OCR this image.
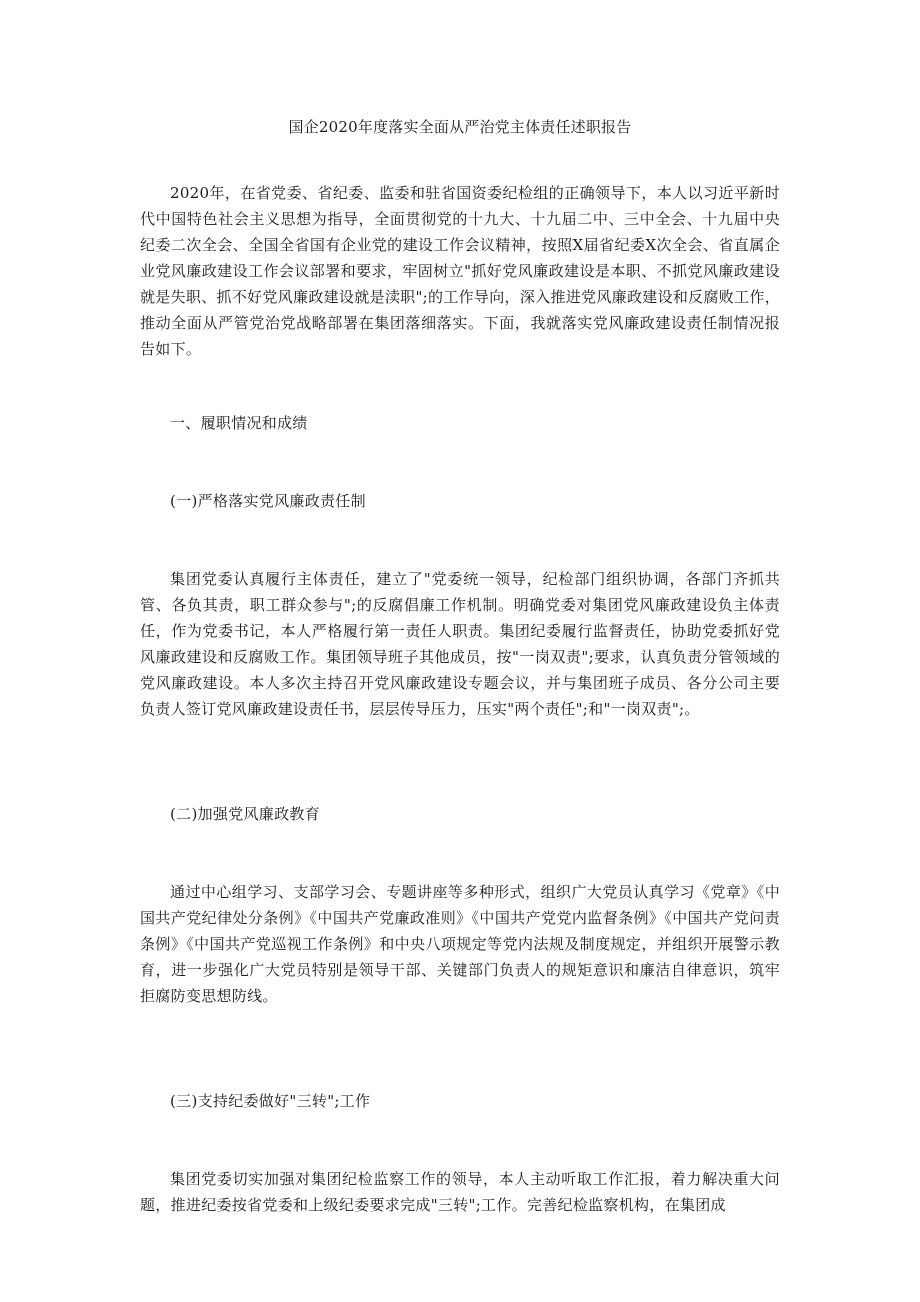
国企2020年度落实全面从严治党主体责任述职报告
2020年，在省党委、省纪委、监委和驻省国资委纪检组的正确领导下，本人以习近平新时代中国特色社会主义思想为指导，全面贯彻党的十九大、十九届二中、三中全会、十九届中央纪委二次全会、全国全省国有企业党的建设工作会议精神，按照X届省纪委X次全会、省直属企业党风廉政建设工作会议部署和要求，牢固树立"抓好党风廉政建设是本职、不抓党风廉政建设就是失职、抓不好党风廉政建设就是渎职";的工作导向，深入推进党风廉政建设和反腐败工作，推动全面从严管党治党战略部署在集团落细落实。下面，我就落实党风廉政建设责任制情况报告如下。
一、履职情况和成绩
(一)严格落实党风廉政责任制
集团党委认真履行主体责任，建立了"党委统一领导，纪检部门组织协调，各部门齐抓共管、各负其责，职工群众参与";的反腐倡廉工作机制。明确党委对集团党风廉政建设负主体责任，作为党委书记，本人严格履行第一责任人职责。集团纪委履行监督责任，协助党委抓好党风廉政建设和反腐败工作。集团领导班子其他成员，按"一岗双责";要求，认真负责分管领域的党风廉政建设。本人多次主持召开党风廉政建设专题会议，并与集团班子成员、各分公司主要负责人签订党风廉政建设责任书，层层传导压力，压实"两个责任";和"一岗双责";。
(二)加强党风廉政教育
通过中心组学习、支部学习会、专题讲座等多种形式，组织广大党员认真学习《党章》《中国共产党纪律处分条例》《中国共产党廉政准则》《中国共产党党内监督条例》《中国共产党问责条例》《中国共产党巡视工作条例》和中央八项规定等党内法规及制度规定，并组织开展警示教育，进一步强化广大党员特别是领导干部、关键部门负责人的规矩意识和廉洁自律意识，筑牢拒腐防变思想防线。
(三)支持纪委做好"三转";工作
集团党委切实加强对集团纪检监察工作的领导，本人主动听取工作汇报，着力解决重大问题，推进纪委按省党委和上级纪委要求完成"三转";工作。完善纪检监察机构，在集团成
